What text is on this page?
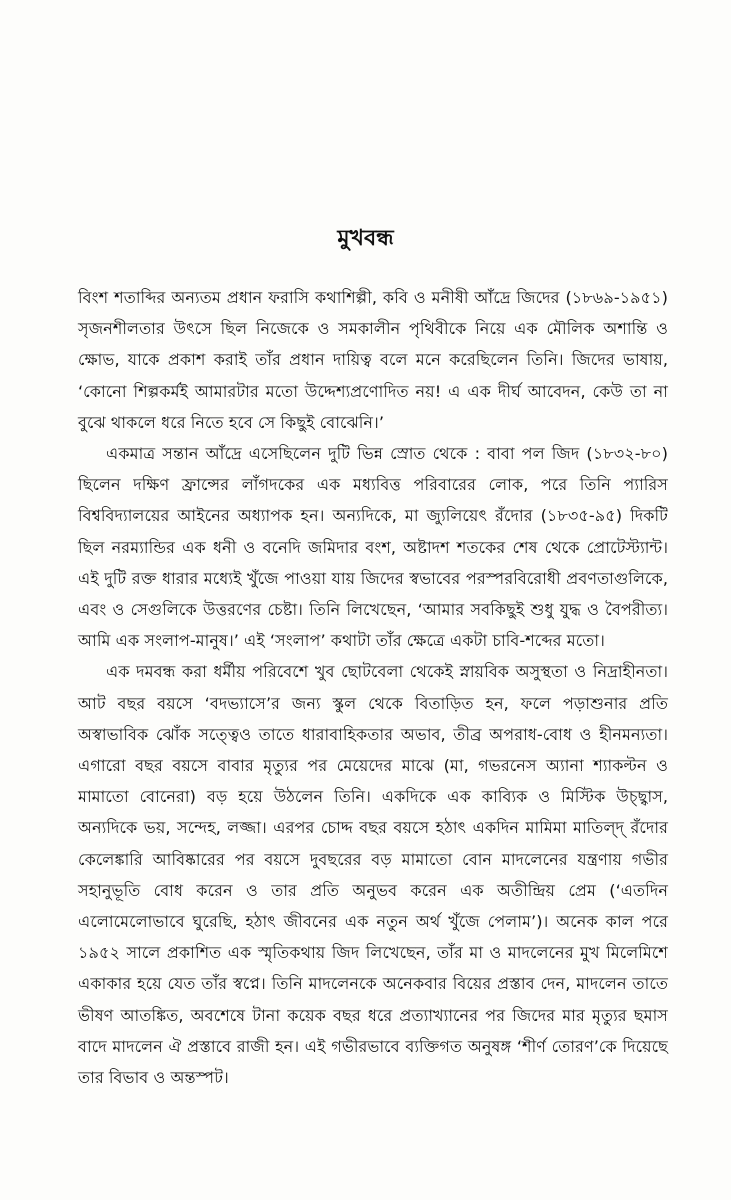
মুখবন্ধ

বিংশ শতাব্দির অন্যতম প্রধান ফরাসি কথাশিল্পী, কবি ও মনীষী আঁদ্রে জিদের (১৮৬৯-১৯৫১) সৃজনশীলতার উৎসে ছিল নিজেকে ও সমকালীন পৃথিবীকে নিয়ে এক মৌলিক অশান্তি ও ক্ষোভ, যাকে প্রকাশ করাই তাঁর প্রধান দায়িত্ব বলে মনে করেছিলেন তিনি। জিদের ভাষায়, ‘কোনো শিল্পকর্মই আমারটার মতো উদ্দেশ্যপ্রণোদিত নয়! এ এক দীর্ঘ আবেদন, কেউ তা না বুঝে থাকলে ধরে নিতে হবে সে কিছুই বোঝেনি।’

একমাত্র সন্তান আঁদ্রে এসেছিলেন দুটি ভিন্ন স্রোত থেকে : বাবা পল জিদ (১৮৩২-৮০) ছিলেন দক্ষিণ ফ্রান্সের লাঁগদকের এক মধ্যবিত্ত পরিবারের লোক, পরে তিনি প্যারিস বিশ্ববিদ্যালয়ের আইনের অধ্যাপক হন। অন্যদিকে, মা জ্যুলিয়েৎ রঁদোর (১৮৩৫-৯৫) দিকটি ছিল নরম্যান্ডির এক ধনী ও বনেদি জমিদার বংশ, অষ্টাদশ শতকের শেষ থেকে প্রোটেস্ট্যান্ট। এই দুটি রক্ত ধারার মধ্যেই খুঁজে পাওয়া যায় জিদের স্বভাবের পরস্পরবিরোধী প্রবণতাগুলিকে, এবং ও সেগুলিকে উত্তরণের চেষ্টা। তিনি লিখেছেন, ‘আমার সবকিছুই শুধু যুদ্ধ ও বৈপরীত্য। আমি এক সংলাপ-মানুষ।’ এই ‘সংলাপ’ কথাটা তাঁর ক্ষেত্রে একটা চাবি-শব্দের মতো।

এক দমবন্ধ করা ধর্মীয় পরিবেশে খুব ছোটবেলা থেকেই স্নায়বিক অসুস্থতা ও নিদ্রাহীনতা। আট বছর বয়সে ‘বদভ্যাসে’র জন্য স্কুল থেকে বিতাড়িত হন, ফলে পড়াশুনার প্রতি অস্বাভাবিক ঝোঁক সত্ত্বেও তাতে ধারাবাহিকতার অভাব, তীব্র অপরাধ-বোধ ও হীনমন্যতা। এগারো বছর বয়সে বাবার মৃত্যুর পর মেয়েদের মাঝে (মা, গভরনেস অ্যানা শ্যাকল্টন ও মামাতো বোনেরা) বড় হয়ে উঠলেন তিনি। একদিকে এক কাব্যিক ও মিস্টিক উচ্ছ্বাস, অন্যদিকে ভয়, সন্দেহ, লজ্জা। এরপর চোদ্দ বছর বয়সে হঠাৎ একদিন মামিমা মাতিল্দ্‌ রঁদোর কেলেঙ্কারি আবিষ্কারের পর বয়সে দুবছরের বড় মামাতো বোন মাদলেনের যন্ত্রণায় গভীর সহানুভূতি বোধ করেন ও তার প্রতি অনুভব করেন এক অতীন্দ্রিয় প্রেম (‘এতদিন এলোমেলোভাবে ঘুরেছি, হঠাৎ জীবনের এক নতুন অর্থ খুঁজে পেলাম’)। অনেক কাল পরে ১৯৫২ সালে প্রকাশিত এক স্মৃতিকথায় জিদ লিখেছেন, তাঁর মা ও মাদলেনের মুখ মিলেমিশে একাকার হয়ে যেত তাঁর স্বপ্নে। তিনি মাদলেনকে অনেকবার বিয়ের প্রস্তাব দেন, মাদলেন তাতে ভীষণ আতঙ্কিত, অবশেষে টানা কয়েক বছর ধরে প্রত্যাখ্যানের পর জিদের মার মৃত্যুর ছমাস বাদে মাদলেন ঐ প্রস্তাবে রাজী হন। এই গভীরভাবে ব্যক্তিগত অনুষঙ্গ ‘শীর্ণ তোরণ’কে দিয়েছে তার বিভাব ও অন্তস্পট।
